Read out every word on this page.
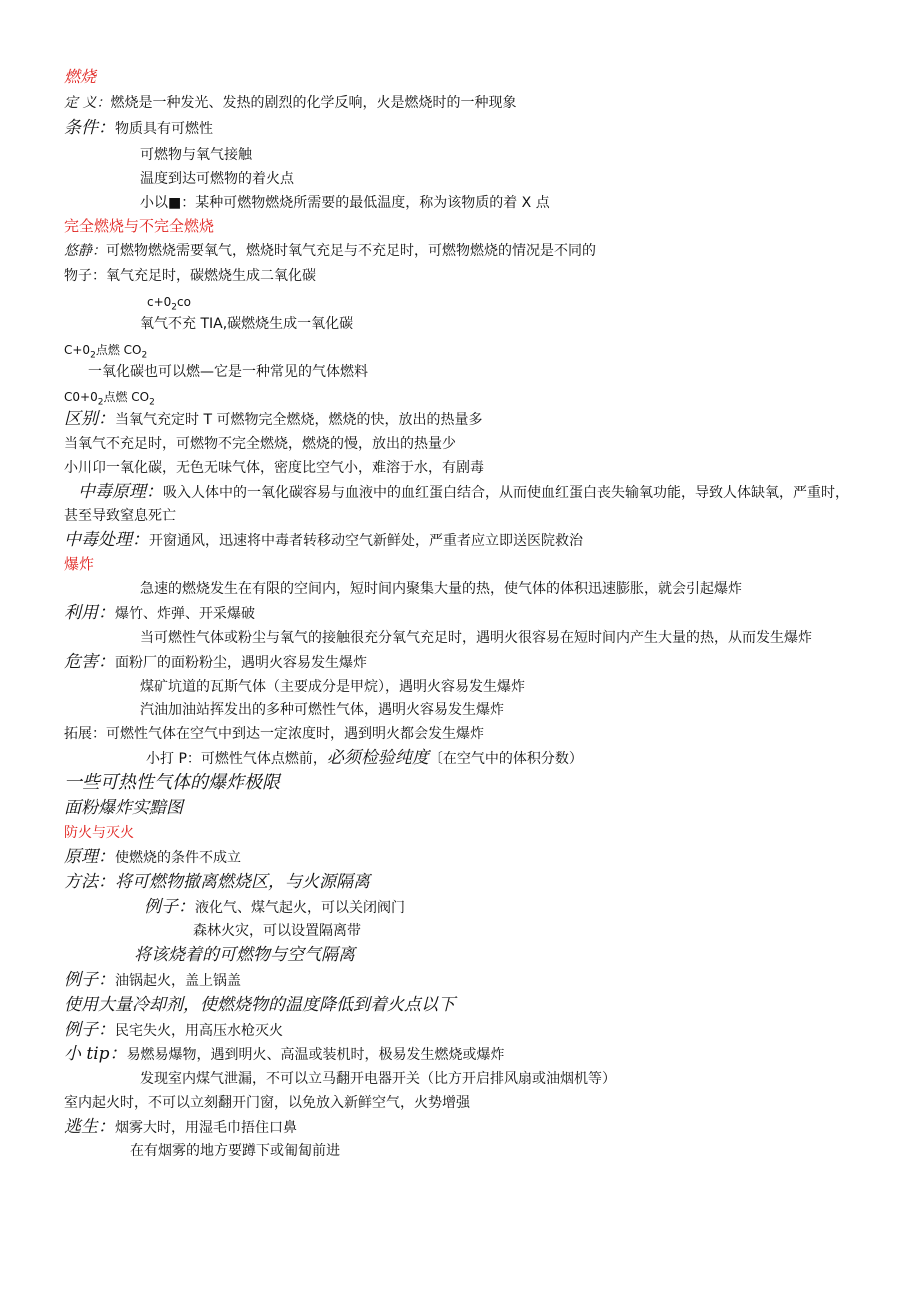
燃烧
定 义：燃烧是一种发光、发热的剧烈的化学反响，火是燃烧时的一种现象
条件：物质具有可燃性
可燃物与氧气接触
温度到达可燃物的着火点
小以■：某种可燃物燃烧所需要的最低温度，称为该物质的着 X 点
完全燃烧与不完全燃烧
悠静：可燃物燃烧需要氧气，燃烧时氧气充足与不充足时，可燃物燃烧的情况是不同的
物子：氧气充足时，碳燃烧生成二氧化碳
$c+0_2co$
氧气不充 TIA,碳燃烧生成一氧化碳
$C+0_2$点燃 $CO_2$
一氧化碳也可以燃—它是一种常见的气体燃料
$C0+0_2$点燃 $CO_2$
区别：当氧气充定时 T 可燃物完全燃烧，燃烧的快，放出的热量多
当氧气不充足时，可燃物不完全燃烧，燃烧的慢，放出的热量少
小川卬一氧化碳，无色无味气体，密度比空气小，难溶于水，有剧毒
中毒原理：吸入人体中的一氧化碳容易与血液中的血红蛋白结合，从而使血红蛋白丧失输氧功能，导致人体缺氧，严重时，甚至导致窒息死亡
中毒处理：开窗通风，迅速将中毒者转移动空气新鲜处，严重者应立即送医院救治
爆炸
急速的燃烧发生在有限的空间内，短时间内聚集大量的热，使气体的体积迅速膨胀，就会引起爆炸
利用：爆竹、炸弹、开采爆破
当可燃性气体或粉尘与氧气的接触很充分氧气充足时，遇明火很容易在短时间内产生大量的热，从而发生爆炸
危害：面粉厂的面粉粉尘，遇明火容易发生爆炸
煤矿坑道的瓦斯气体（主要成分是甲烷），遇明火容易发生爆炸
汽油加油站挥发出的多种可燃性气体，遇明火容易发生爆炸
拓展：可燃性气体在空气中到达一定浓度时，遇到明火都会发生爆炸
小打 P：可燃性气体点燃前，必须检验纯度〔在空气中的体积分数）
一些可热性气体的爆炸极限
面粉爆炸实黯图
防火与灭火
原理：使燃烧的条件不成立
方法：将可燃物撤离燃烧区，与火源隔离
例子：液化气、煤气起火，可以关闭阀门
森林火灾，可以设置隔离带
将该烧着的可燃物与空气隔离
例子：油锅起火，盖上锅盖
使用大量冷却剂，使燃烧物的温度降低到着火点以下
例子：民宅失火，用高压水枪灭火
小 tip：易燃易爆物，遇到明火、高温或装机时，极易发生燃烧或爆炸
发现室内煤气泄漏，不可以立马翻开电器开关（比方开启排风扇或油烟机等）
室内起火时，不可以立刻翻开门窗，以免放入新鲜空气，火势增强
逃生：烟雾大时，用湿毛巾捂住口鼻
在有烟雾的地方要蹲下或匍匐前进
